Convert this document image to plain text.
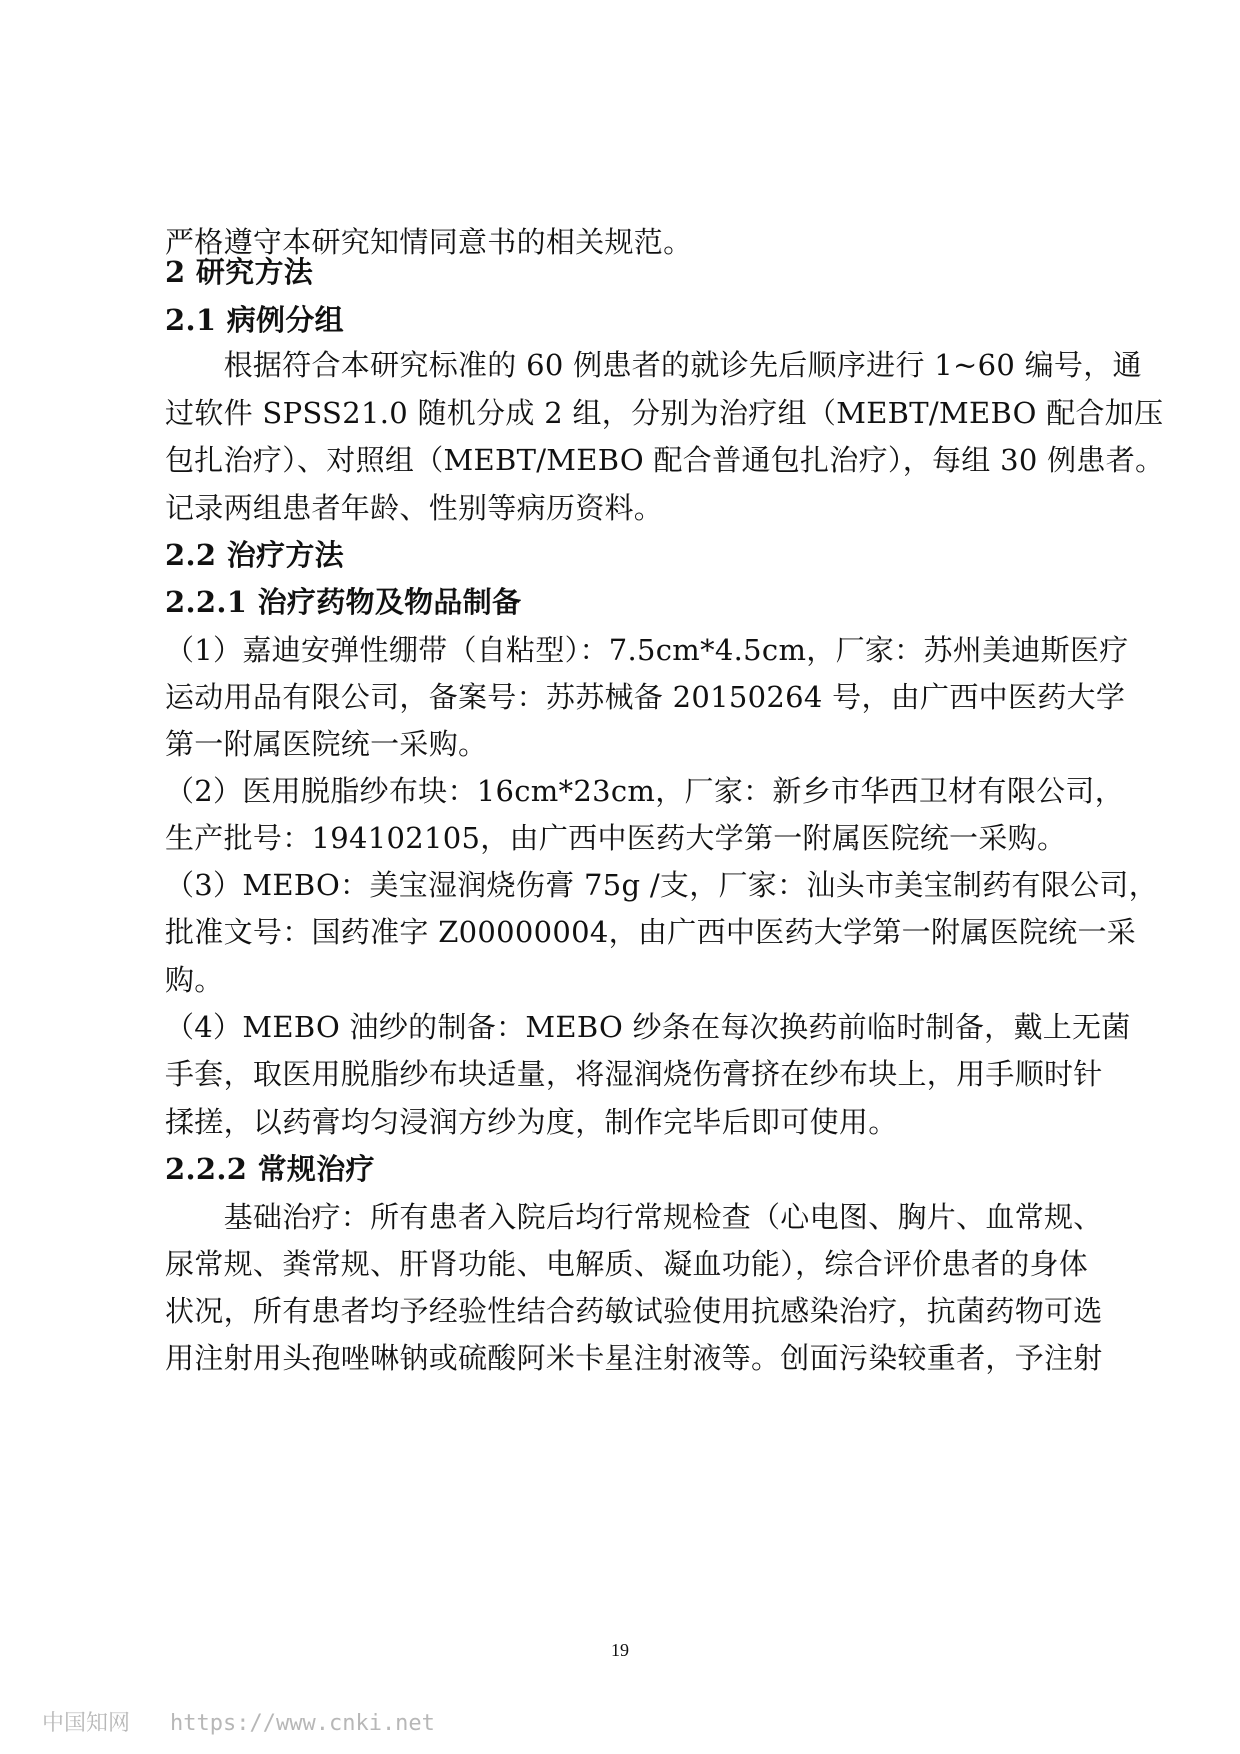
严格遵守本研究知情同意书的相关规范。
2 研究方法
2.1 病例分组
　　根据符合本研究标准的 60 例患者的就诊先后顺序进行 1~60 编号，通
过软件 SPSS21.0 随机分成 2 组，分别为治疗组（MEBT/MEBO 配合加压
包扎治疗）、对照组（MEBT/MEBO 配合普通包扎治疗），每组 30 例患者。
记录两组患者年龄、性别等病历资料。
2.2 治疗方法
2.2.1 治疗药物及物品制备
（1）嘉迪安弹性绷带（自粘型）：7.5cm*4.5cm，厂家：苏州美迪斯医疗
运动用品有限公司，备案号：苏苏械备 20150264 号，由广西中医药大学
第一附属医院统一采购。
（2）医用脱脂纱布块：16cm*23cm，厂家：新乡市华西卫材有限公司，
生产批号：194102105，由广西中医药大学第一附属医院统一采购。
（3）MEBO：美宝湿润烧伤膏 75g /支，厂家：汕头市美宝制药有限公司，
批准文号：国药准字 Z00000004，由广西中医药大学第一附属医院统一采
购。
（4）MEBO 油纱的制备：MEBO 纱条在每次换药前临时制备，戴上无菌
手套，取医用脱脂纱布块适量，将湿润烧伤膏挤在纱布块上，用手顺时针
揉搓，以药膏均匀浸润方纱为度，制作完毕后即可使用。
2.2.2 常规治疗
　　基础治疗：所有患者入院后均行常规检查（心电图、胸片、血常规、
尿常规、粪常规、肝肾功能、电解质、凝血功能），综合评价患者的身体
状况，所有患者均予经验性结合药敏试验使用抗感染治疗，抗菌药物可选
用注射用头孢唑啉钠或硫酸阿米卡星注射液等。创面污染较重者，予注射
19
中国知网 https://www.cnki.net
